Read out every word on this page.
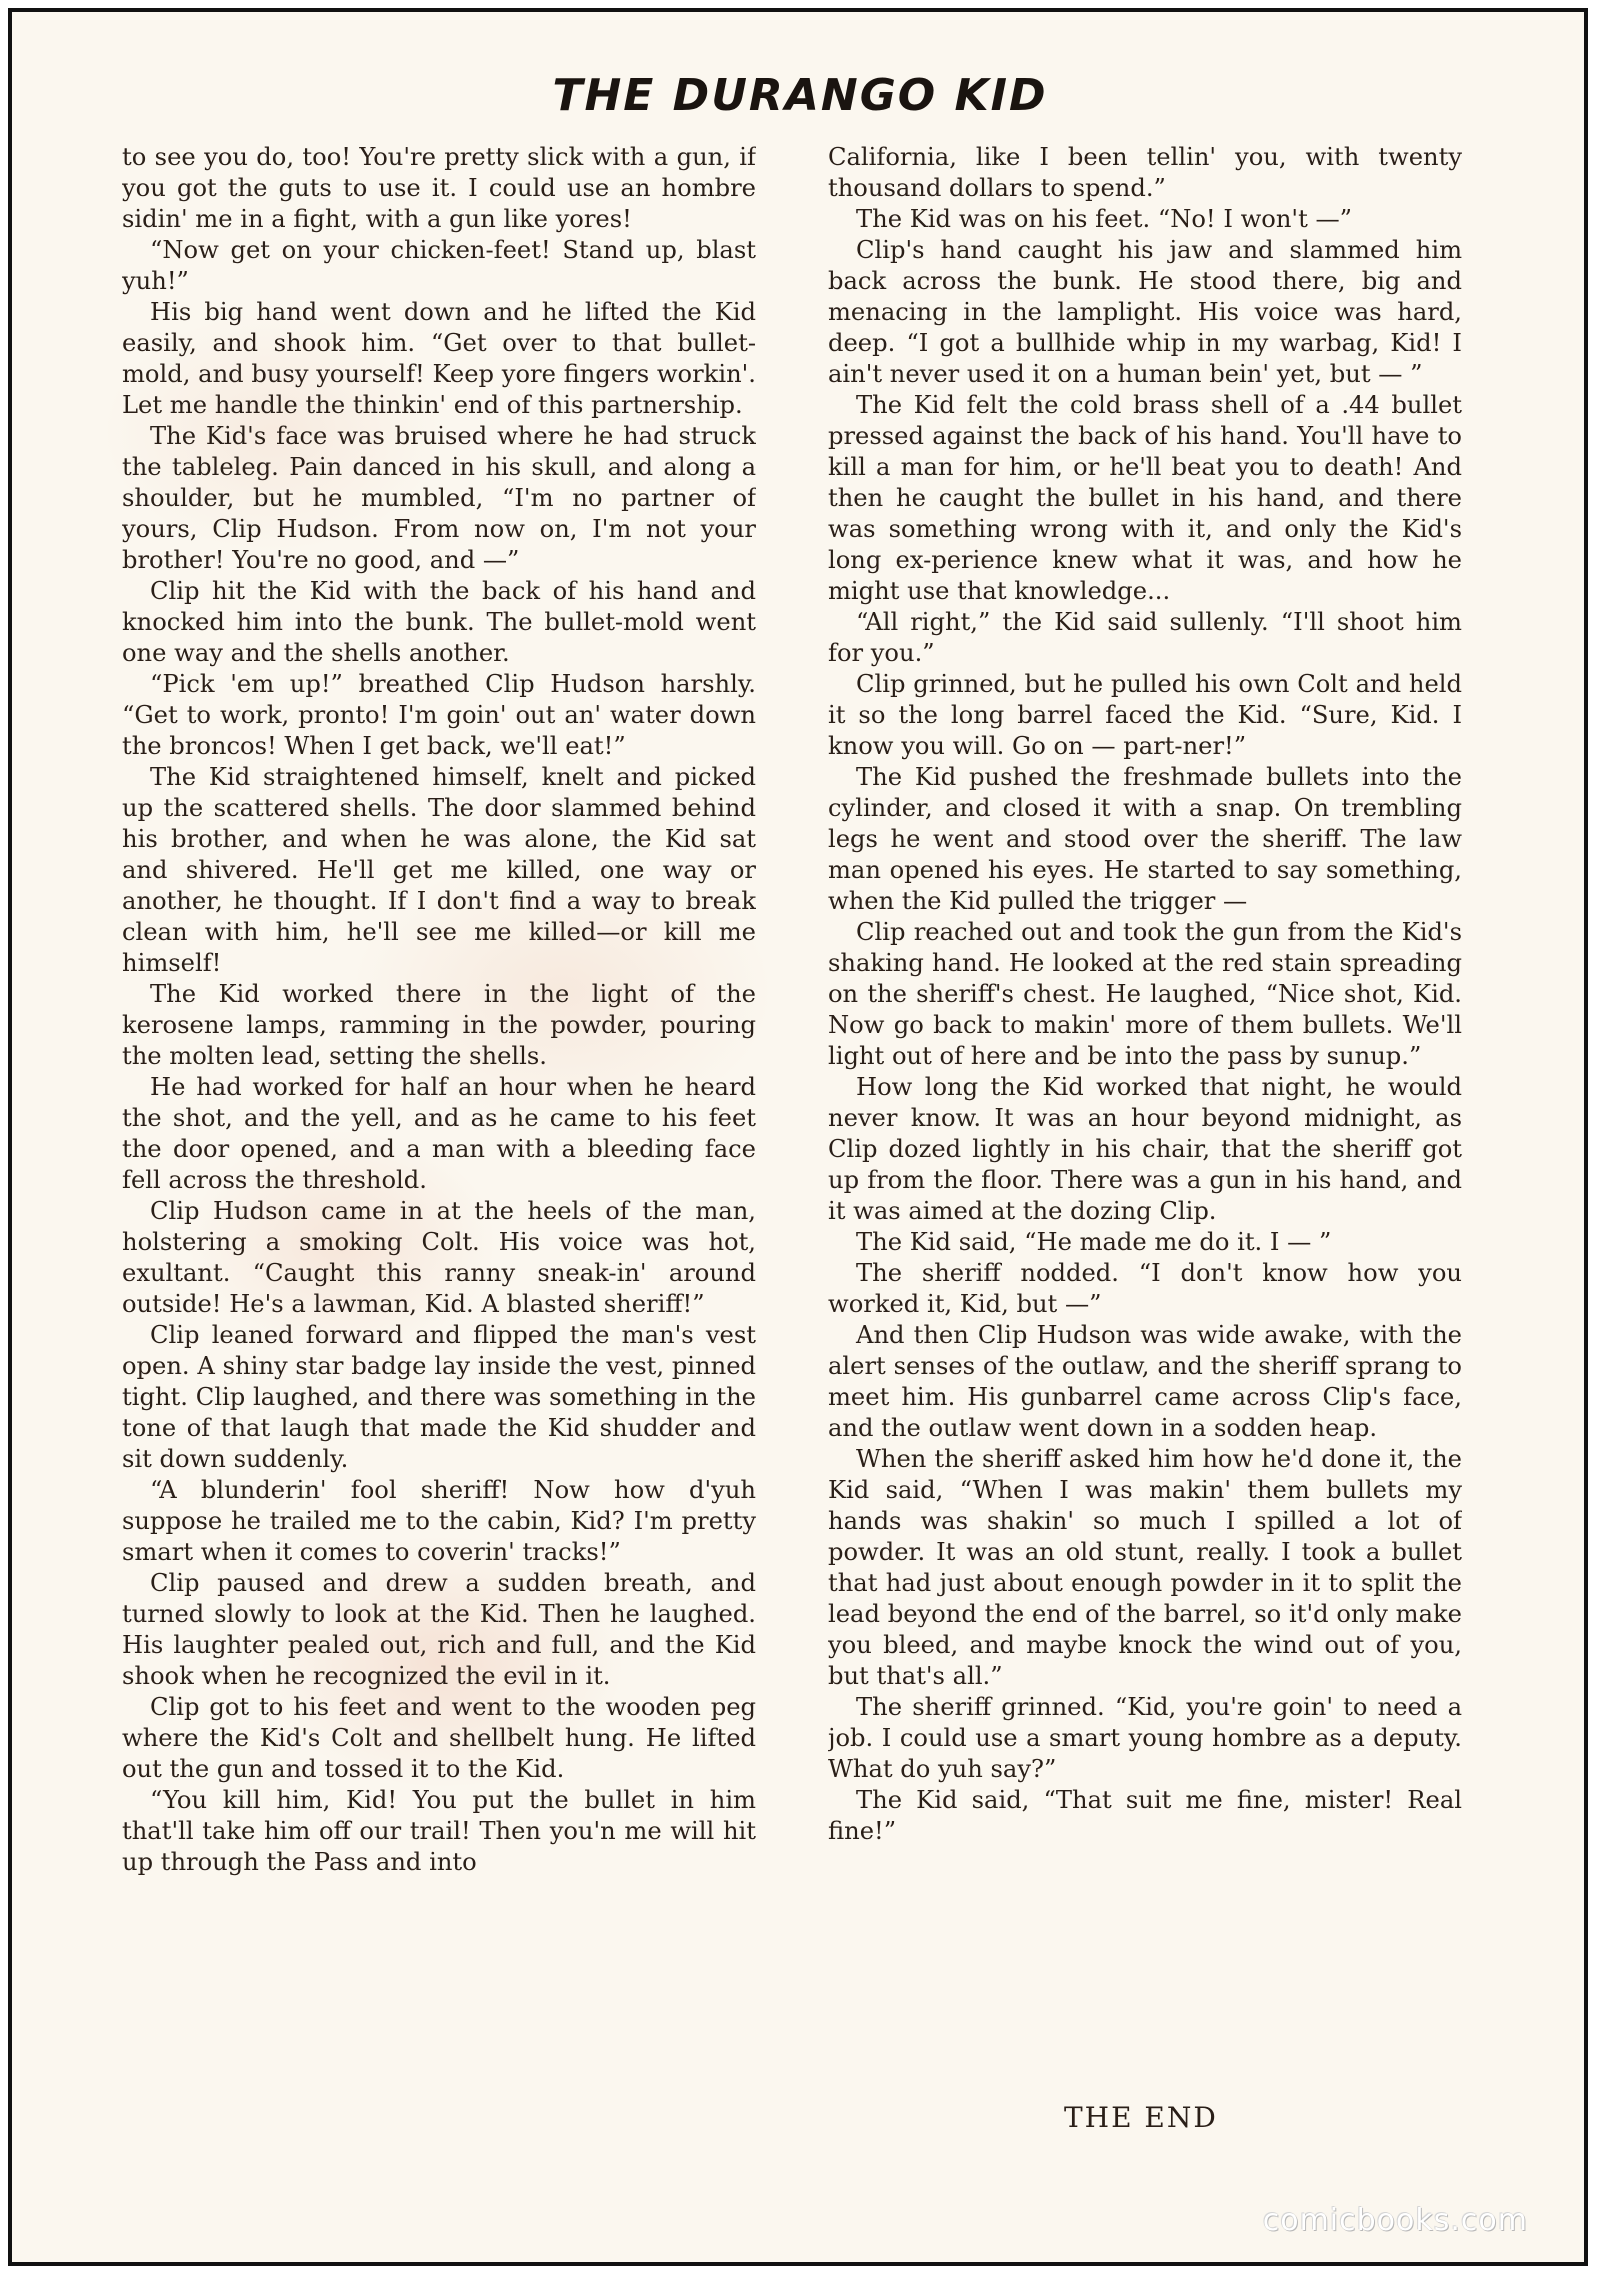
THE DURANGO KID

to see you do, too! You're pretty slick with a gun, if you got the guts to use it. I could use an hombre sidin' me in a fight, with a gun like yores!

“Now get on your chicken-feet! Stand up, blast yuh!”

His big hand went down and he lifted the Kid easily, and shook him. “Get over to that bullet-mold, and busy yourself! Keep yore fingers workin'. Let me handle the thinkin' end of this partnership.

The Kid's face was bruised where he had struck the tableleg. Pain danced in his skull, and along a shoulder, but he mumbled, “I'm no partner of yours, Clip Hudson. From now on, I'm not your brother! You're no good, and —”

Clip hit the Kid with the back of his hand and knocked him into the bunk. The bullet-mold went one way and the shells another.

“Pick 'em up!” breathed Clip Hudson harshly. “Get to work, pronto! I'm goin' out an' water down the broncos! When I get back, we'll eat!”

The Kid straightened himself, knelt and picked up the scattered shells. The door slammed behind his brother, and when he was alone, the Kid sat and shivered. He'll get me killed, one way or another, he thought. If I don't find a way to break clean with him, he'll see me killed—or kill me himself!

The Kid worked there in the light of the kerosene lamps, ramming in the powder, pouring the molten lead, setting the shells.

He had worked for half an hour when he heard the shot, and the yell, and as he came to his feet the door opened, and a man with a bleeding face fell across the threshold.

Clip Hudson came in at the heels of the man, holstering a smoking Colt. His voice was hot, exultant. “Caught this ranny sneak-in' around outside! He's a lawman, Kid. A blasted sheriff!”

Clip leaned forward and flipped the man's vest open. A shiny star badge lay inside the vest, pinned tight. Clip laughed, and there was something in the tone of that laugh that made the Kid shudder and sit down suddenly.

“A blunderin' fool sheriff! Now how d'yuh suppose he trailed me to the cabin, Kid? I'm pretty smart when it comes to coverin' tracks!”

Clip paused and drew a sudden breath, and turned slowly to look at the Kid. Then he laughed. His laughter pealed out, rich and full, and the Kid shook when he recognized the evil in it.

Clip got to his feet and went to the wooden peg where the Kid's Colt and shellbelt hung. He lifted out the gun and tossed it to the Kid.

“You kill him, Kid! You put the bullet in him that'll take him off our trail! Then you'n me will hit up through the Pass and into

California, like I been tellin' you, with twenty thousand dollars to spend.”

The Kid was on his feet. “No! I won't —”

Clip's hand caught his jaw and slammed him back across the bunk. He stood there, big and menacing in the lamplight. His voice was hard, deep. “I got a bullhide whip in my warbag, Kid! I ain't never used it on a human bein' yet, but — ”

The Kid felt the cold brass shell of a .44 bullet pressed against the back of his hand. You'll have to kill a man for him, or he'll beat you to death! And then he caught the bullet in his hand, and there was something wrong with it, and only the Kid's long ex-perience knew what it was, and how he might use that knowledge...

“All right,” the Kid said sullenly. “I'll shoot him for you.”

Clip grinned, but he pulled his own Colt and held it so the long barrel faced the Kid. “Sure, Kid. I know you will. Go on — part-ner!”

The Kid pushed the freshmade bullets into the cylinder, and closed it with a snap. On trembling legs he went and stood over the sheriff. The law man opened his eyes. He started to say something, when the Kid pulled the trigger —

Clip reached out and took the gun from the Kid's shaking hand. He looked at the red stain spreading on the sheriff's chest. He laughed, “Nice shot, Kid. Now go back to makin' more of them bullets. We'll light out of here and be into the pass by sunup.”

How long the Kid worked that night, he would never know. It was an hour beyond midnight, as Clip dozed lightly in his chair, that the sheriff got up from the floor. There was a gun in his hand, and it was aimed at the dozing Clip.

The Kid said, “He made me do it. I — ”

The sheriff nodded. “I don't know how you worked it, Kid, but —”

And then Clip Hudson was wide awake, with the alert senses of the outlaw, and the sheriff sprang to meet him. His gunbarrel came across Clip's face, and the outlaw went down in a sodden heap.

When the sheriff asked him how he'd done it, the Kid said, “When I was makin' them bullets my hands was shakin' so much I spilled a lot of powder. It was an old stunt, really. I took a bullet that had just about enough powder in it to split the lead beyond the end of the barrel, so it'd only make you bleed, and maybe knock the wind out of you, but that's all.”

The sheriff grinned. “Kid, you're goin' to need a job. I could use a smart young hombre as a deputy. What do yuh say?”

The Kid said, “That suit me fine, mister! Real fine!”

THE END
comicbooks.com
